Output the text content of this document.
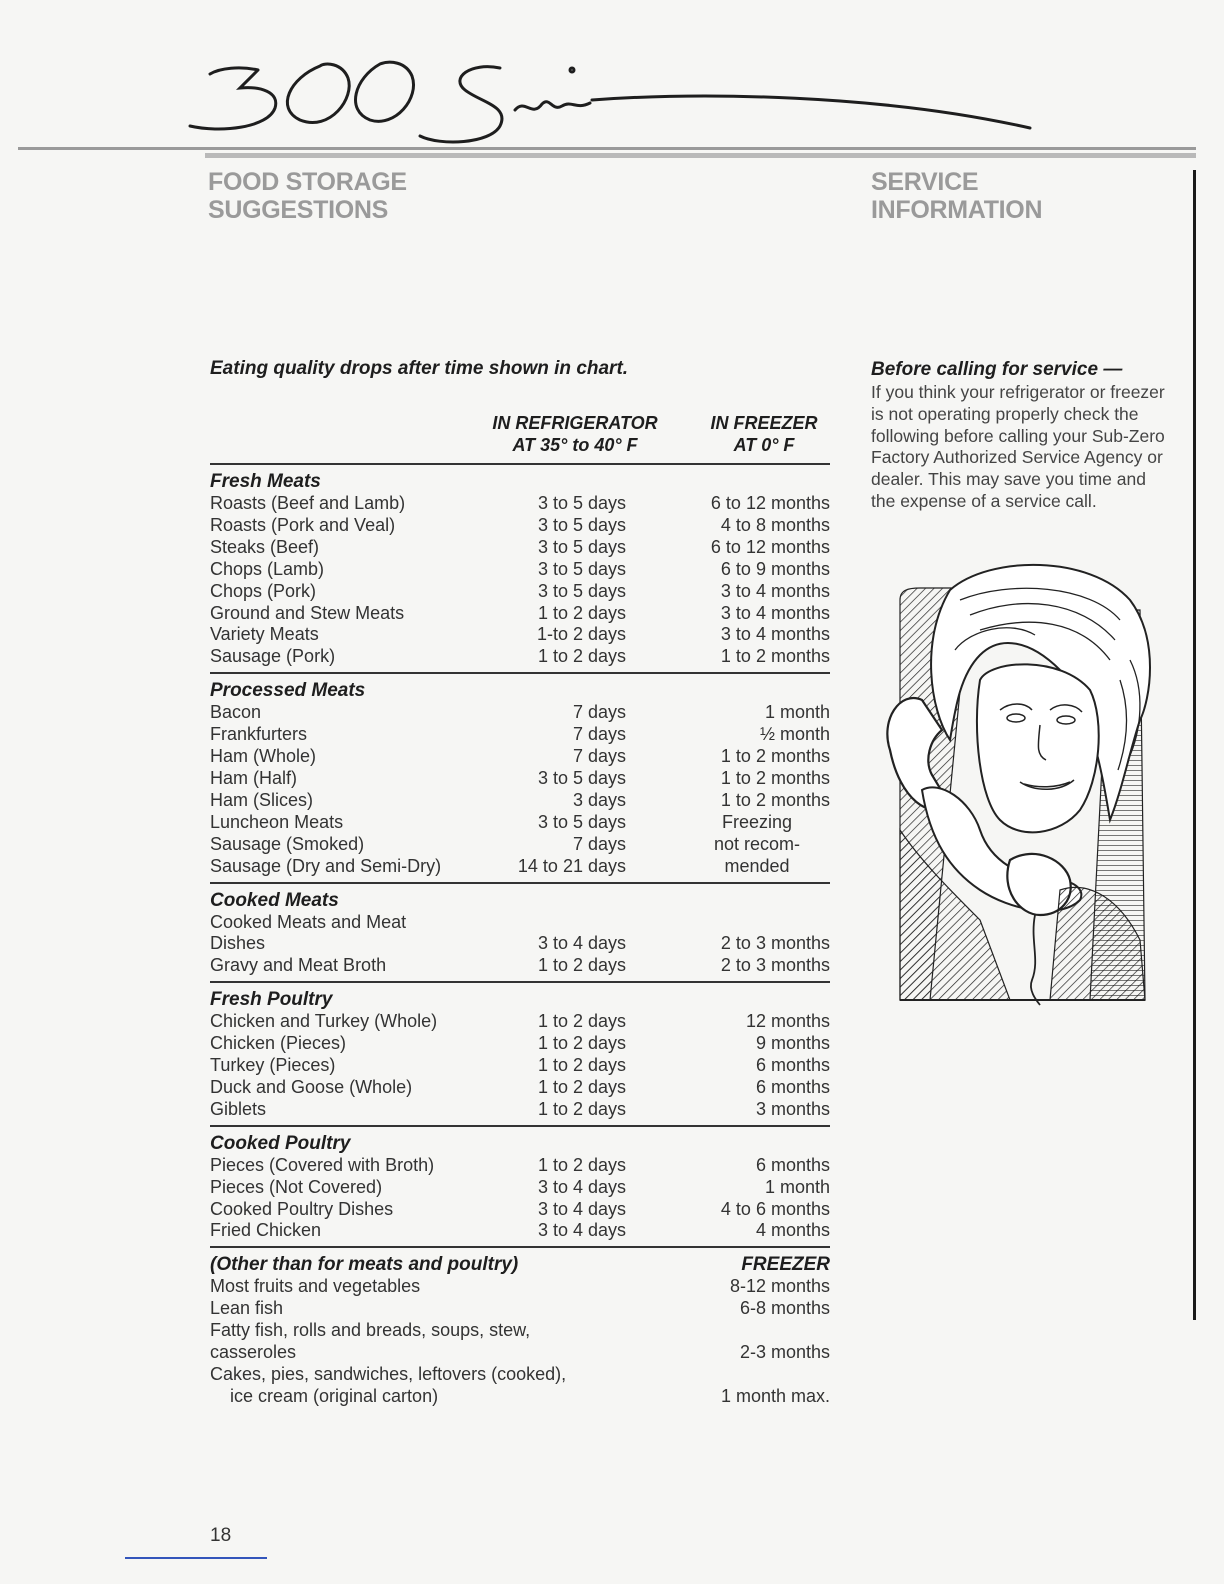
500 Series
FOOD STORAGE
SUGGESTIONS
SERVICE
INFORMATION
Eating quality drops after time shown in chart.
IN REFRIGERATOR
AT 35° to 40° F
IN FREEZER
AT 0° F
Fresh Meats
Roasts (Beef and Lamb)	3 to 5 days	6 to 12 months
Roasts (Pork and Veal)	3 to 5 days	4 to 8 months
Steaks (Beef)	3 to 5 days	6 to 12 months
Chops (Lamb)	3 to 5 days	6 to 9 months
Chops (Pork)	3 to 5 days	3 to 4 months
Ground and Stew Meats	1 to 2 days	3 to 4 months
Variety Meats	1-to 2 days	3 to 4 months
Sausage (Pork)	1 to 2 days	1 to 2 months
Processed Meats
Bacon	7 days	1 month
Frankfurters	7 days	½ month
Ham (Whole)	7 days	1 to 2 months
Ham (Half)	3 to 5 days	1 to 2 months
Ham (Slices)	3 days	1 to 2 months
Luncheon Meats	3 to 5 days	Freezing
Sausage (Smoked)	7 days	not recom-
Sausage (Dry and Semi-Dry)	14 to 21 days	mended
Cooked Meats
Cooked Meats and Meat
Dishes	3 to 4 days	2 to 3 months
Gravy and Meat Broth	1 to 2 days	2 to 3 months
Fresh Poultry
Chicken and Turkey (Whole)	1 to 2 days	12 months
Chicken (Pieces)	1 to 2 days	9 months
Turkey (Pieces)	1 to 2 days	6 months
Duck and Goose (Whole)	1 to 2 days	6 months
Giblets	1 to 2 days	3 months
Cooked Poultry
Pieces (Covered with Broth)	1 to 2 days	6 months
Pieces (Not Covered)	3 to 4 days	1 month
Cooked Poultry Dishes	3 to 4 days	4 to 6 months
Fried Chicken	3 to 4 days	4 months
(Other than for meats and poultry)	FREEZER
Most fruits and vegetables	8-12 months
Lean fish	6-8 months
Fatty fish, rolls and breads, soups, stew,
casseroles	2-3 months
Cakes, pies, sandwiches, leftovers (cooked),
ice cream (original carton)	1 month max.
Before calling for service —
If you think your refrigerator or freezer is not operating properly check the following before calling your Sub-Zero Factory Authorized Service Agency or dealer. This may save you time and the expense of a service call.
18
